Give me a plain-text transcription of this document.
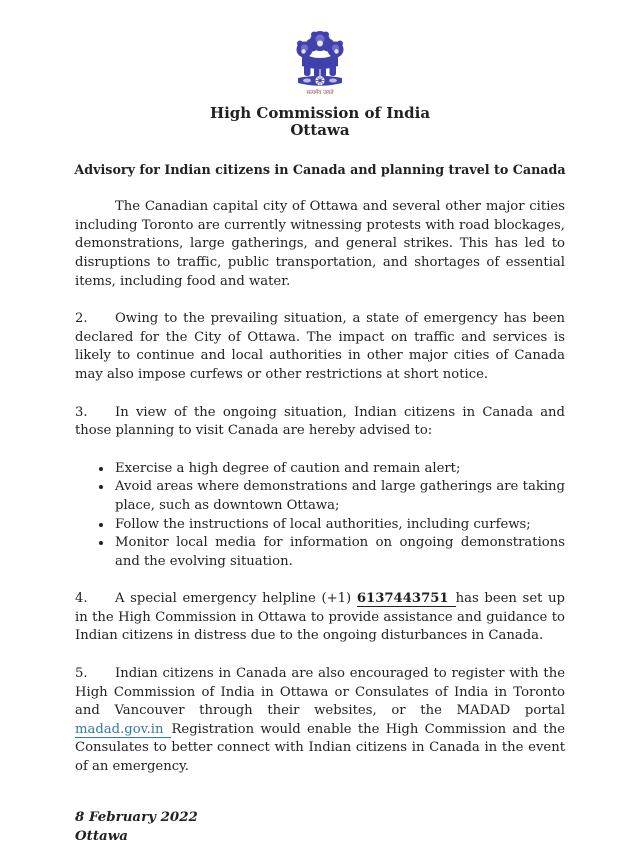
सत्यमेव जयते
High Commission of India
Ottawa
Advisory for Indian citizens in Canada and planning travel to Canada

The Canadian capital city of Ottawa and several other major cities including Toronto are currently witnessing protests with road blockages, demonstrations, large gatherings, and general strikes. This has led to disruptions to traffic, public transportation, and shortages of essential items, including food and water.

2. Owing to the prevailing situation, a state of emergency has been declared for the City of Ottawa. The impact on traffic and services is likely to continue and local authorities in other major cities of Canada may also impose curfews or other restrictions at short notice.

3. In view of the ongoing situation, Indian citizens in Canada and those planning to visit Canada are hereby advised to:

• Exercise a high degree of caution and remain alert;
• Avoid areas where demonstrations and large gatherings are taking place, such as downtown Ottawa;
• Follow the instructions of local authorities, including curfews;
• Monitor local media for information on ongoing demonstrations and the evolving situation.

4. A special emergency helpline (+1) 6137443751 has been set up in the High Commission in Ottawa to provide assistance and guidance to Indian citizens in distress due to the ongoing disturbances in Canada.

5. Indian citizens in Canada are also encouraged to register with the High Commission of India in Ottawa or Consulates of India in Toronto and Vancouver through their websites, or the MADAD portal madad.gov.in Registration would enable the High Commission and the Consulates to better connect with Indian citizens in Canada in the event of an emergency.

8 February 2022
Ottawa
